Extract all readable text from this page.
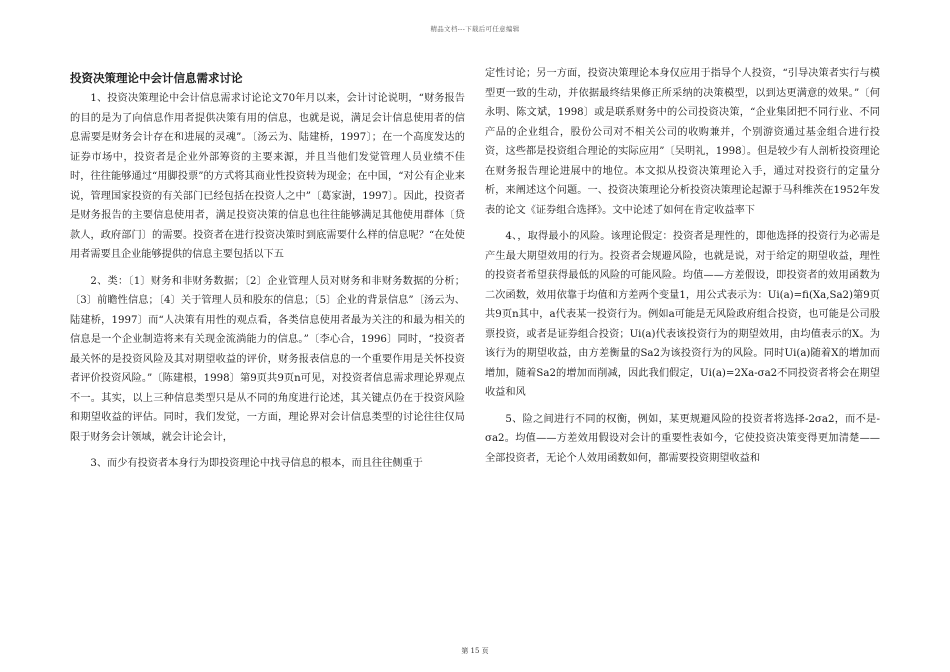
精品文档---下载后可任意编辑
投资决策理论中会计信息需求讨论

1、投资决策理论中会计信息需求讨论论文70年月以来，会计讨论说明，“财务报告的目的是为了向信息作用者提供决策有用的信息，也就是说，满足会计信息使用者的信息需要是财务会计存在和进展的灵魂”。〔汤云为、陆建桥，1997〕；在一个高度发达的证券市场中，投资者是企业外部筹资的主要来源，并且当他们发觉管理人员业绩不佳时，往往能够通过“用脚投票”的方式将其商业性投资转为现金；在中国，“对公有企业来说，管理国家投资的有关部门已经包括在投资人之中”〔葛家澍，1997〕。因此，投资者是财务报告的主要信息使用者，满足投资决策的信息也往往能够满足其他使用群体〔贷款人，政府部门〕的需要。投资者在进行投资决策时到底需要什么样的信息呢？“在处使用者需要且企业能够提供的信息主要包括以下五

2、类：〔1〕财务和非财务数据；〔2〕企业管理人员对财务和非财务数据的分析；〔3〕前瞻性信息；〔4〕关于管理人员和股东的信息；〔5〕企业的背景信息”〔汤云为、陆建桥，1997〕而“人决策有用性的观点看，各类信息使用者最为关注的和最为相关的信息是一个企业制造将来有关现金流淌能力的信息。”〔李心合，1996〕同时，“投资者最关怀的是投资风险及其对期望收益的评价，财务报表信息的一个重要作用是关怀投资者评价投资风险。”〔陈建根，1998〕第9页共9页n可见，对投资者信息需求理论界观点不一。其实，以上三种信息类型只是从不同的角度进行论述，其关键点仍在于投资风险和期望收益的评估。同时，我们发觉，一方面，理论界对会计信息类型的讨论往往仅局限于财务会计领域，就会计论会计，

3、而少有投资者本身行为即投资理论中找寻信息的根本，而且往往侧重于

定性讨论；另一方面，投资决策理论本身仅应用于指导个人投资，“引导决策者实行与模型更一致的生动，并依据最终结果修正所采纳的决策模型，以到达更满意的效果。”〔何永明、陈文斌，1998〕或是联系财务中的公司投资决策，“企业集团把不同行业、不同产品的企业组合，股份公司对不相关公司的收购兼并，个别游资通过基金组合进行投资，这些都是投资组合理论的实际应用”〔吴明礼，1998〕。但是较少有人剖析投资理论在财务报告理论进展中的地位。本文拟从投资决策理论入手，通过对投资行的定量分析，来阐述这个问题。一、投资决策理论分析投资决策理论起源于马科维茨在1952年发表的论文《证券组合选择》。文中论述了如何在肯定收益率下

4、，取得最小的风险。该理论假定：投资者是理性的，即他选择的投资行为必需是产生最大期望效用的行为。投资者会规避风险，也就是说，对于给定的期望收益，理性的投资者希望获得最低的风险的可能风险。均值——方差假设，即投资者的效用函数为二次函数，效用依靠于均值和方差两个变量1，用公式表示为：Ui(a)=fi(Xa,Sa2)第9页共9页n其中，a代表某一投资行为。例如a可能是无风险政府组合投资，也可能是公司股票投资，或者是证券组合投资；Ui(a)代表该投资行为的期望效用，由均值表示的X。为该行为的期望收益，由方差衡量的Sa2为该投资行为的风险。同时Ui(a)随着X的增加而增加，随着Sa2的增加而削减，因此我们假定，Ui(a)=2Xa-σa2不同投资者将会在期望收益和风

5、险之间进行不同的权衡，例如，某更规避风险的投资者将选择-2σa2，而不是-σa2。均值——方差效用假设对会计的重要性表如今，它使投资决策变得更加清楚——全部投资者，无论个人效用函数如何，都需要投资期望收益和

第 15 页
